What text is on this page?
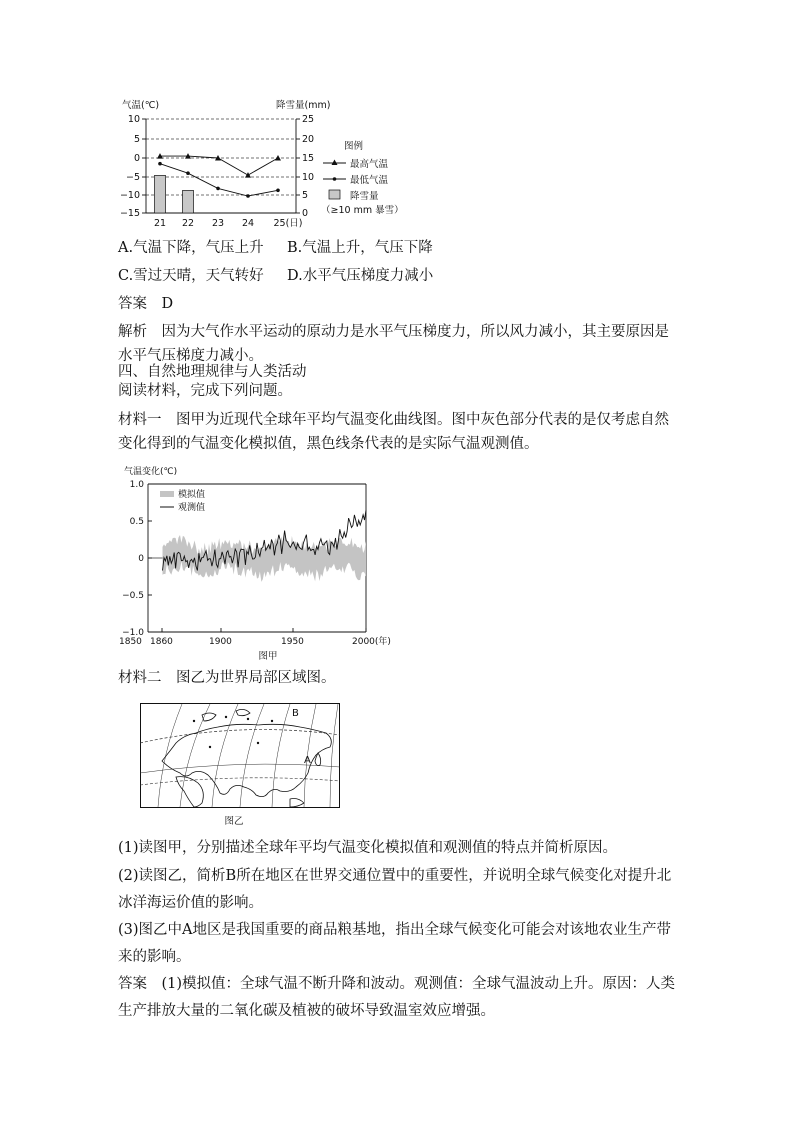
气温(℃)	降雪量(mm)
10
5
0
−5
−10
−15
25
20
15
10
5
0
21 22 23 24 25(日)
图例
最高气温
最低气温
降雪量
（≥10 mm 暴雪）
A.气温下降，气压上升 B.气温上升，气压下降
C.雪过天晴，天气转好 D.水平气压梯度力减小
答案　D
解析　因为大气作水平运动的原动力是水平气压梯度力，所以风力减小，其主要原因是水平气压梯度力减小。
四、自然地理规律与人类活动
阅读材料，完成下列问题。
材料一　图甲为近现代全球年平均气温变化曲线图。图中灰色部分代表的是仅考虑自然变化得到的气温变化模拟值，黑色线条代表的是实际气温观测值。
气温变化(℃)
1.0
0.5
0
−0.5
−1.0
1850 1860	1900	1950	2000(年)
图甲
模拟值
观测值
材料二　图乙为世界局部区域图。
B
A
图乙
(1)读图甲，分别描述全球年平均气温变化模拟值和观测值的特点并简析原因。
(2)读图乙，简析B所在地区在世界交通位置中的重要性，并说明全球气候变化对提升北冰洋海运价值的影响。
(3)图乙中A地区是我国重要的商品粮基地，指出全球气候变化可能会对该地农业生产带来的影响。
答案　(1)模拟值：全球气温不断升降和波动。观测值：全球气温波动上升。原因：人类生产排放大量的二氧化碳及植被的破坏导致温室效应增强。
